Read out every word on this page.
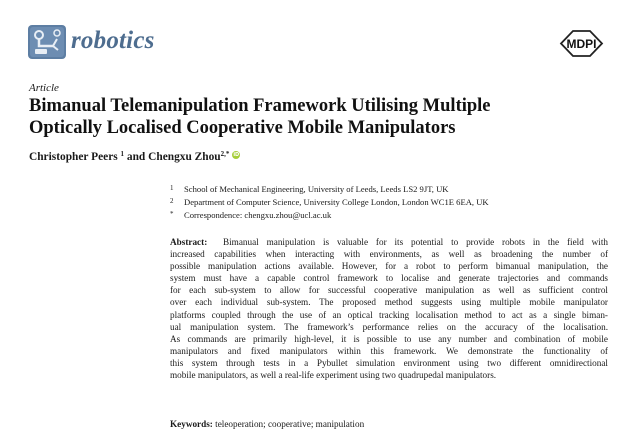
robotics	MDPI
Article
Bimanual Telemanipulation Framework Utilising Multiple
Optically Localised Cooperative Mobile Manipulators
Christopher Peers $^1$ and Chengxu Zhou$^{2,*}$ iD
1 School of Mechanical Engineering, University of Leeds, Leeds LS2 9JT, UK
2 Department of Computer Science, University College London, London WC1E 6EA, UK
* Correspondence: chengxu.zhou@ucl.ac.uk
Abstract: Bimanual manipulation is valuable for its potential to provide robots in the field with
increased capabilities when interacting with environments, as well as broadening the number of
possible manipulation actions available. However, for a robot to perform bimanual manipulation, the
system must have a capable control framework to localise and generate trajectories and commands
for each sub-system to allow for successful cooperative manipulation as well as sufficient control
over each individual sub-system. The proposed method suggests using multiple mobile manipulator
platforms coupled through the use of an optical tracking localisation method to act as a single biman-
ual manipulation system. The framework’s performance relies on the accuracy of the localisation.
As commands are primarily high-level, it is possible to use any number and combination of mobile
manipulators and fixed manipulators within this framework. We demonstrate the functionality of
this system through tests in a Pybullet simulation environment using two different omnidirectional
mobile manipulators, as well a real-life experiment using two quadrupedal manipulators.
Keywords: teleoperation; cooperative; manipulation
